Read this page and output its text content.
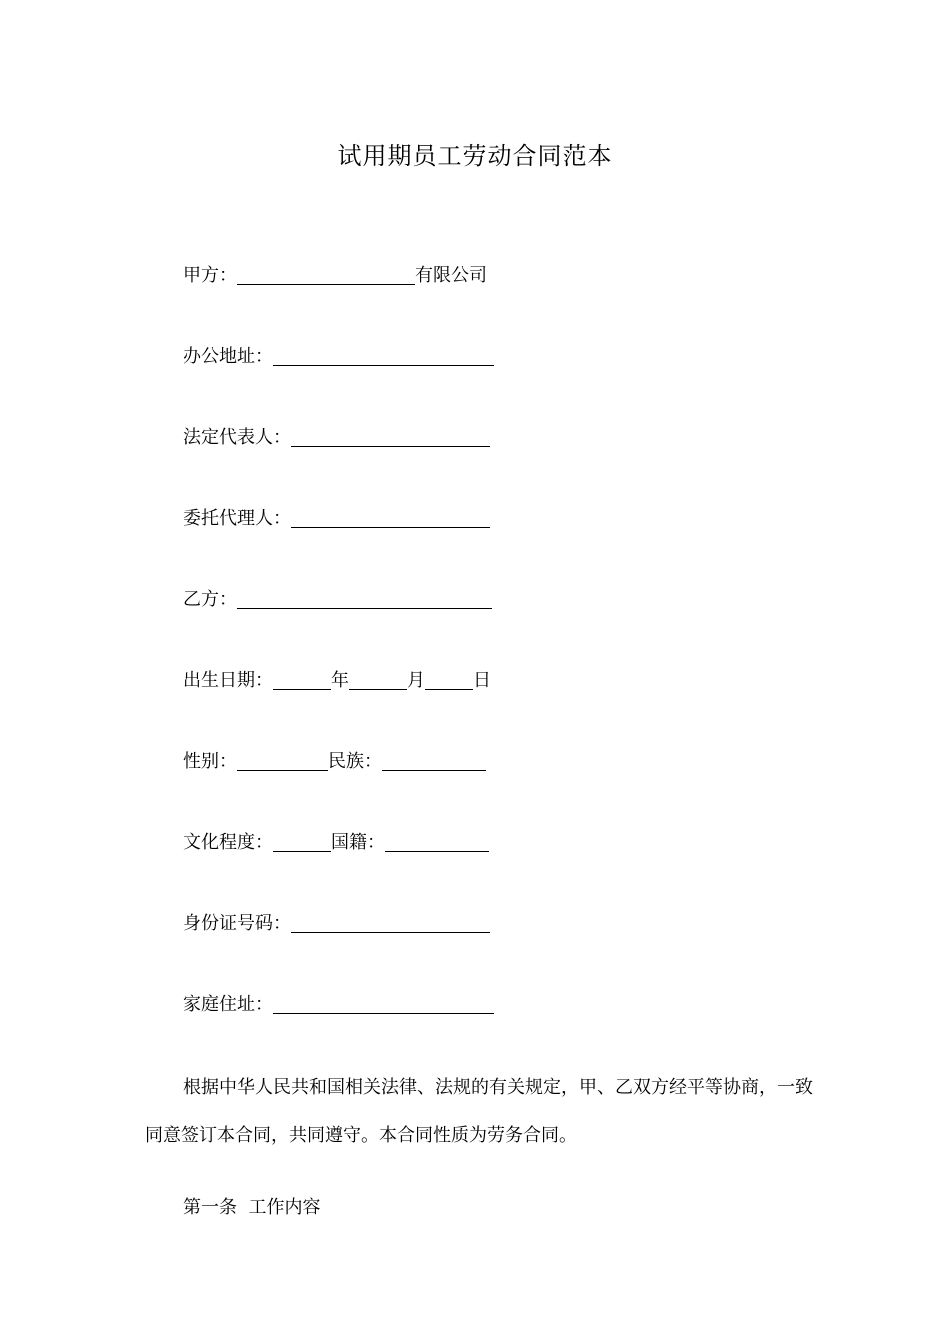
试用期员工劳动合同范本
甲方：	有限公司
办公地址：
法定代表人：
委托代理人：
乙方：
出生日期：	年	月	日
性别：	民族：
文化程度：	国籍：
身份证号码：
家庭住址：
根据中华人民共和国相关法律、法规的有关规定，甲、乙双方经平等协商，一致同意签订本合同，共同遵守。本合同性质为劳务合同。
第一条  工作内容
